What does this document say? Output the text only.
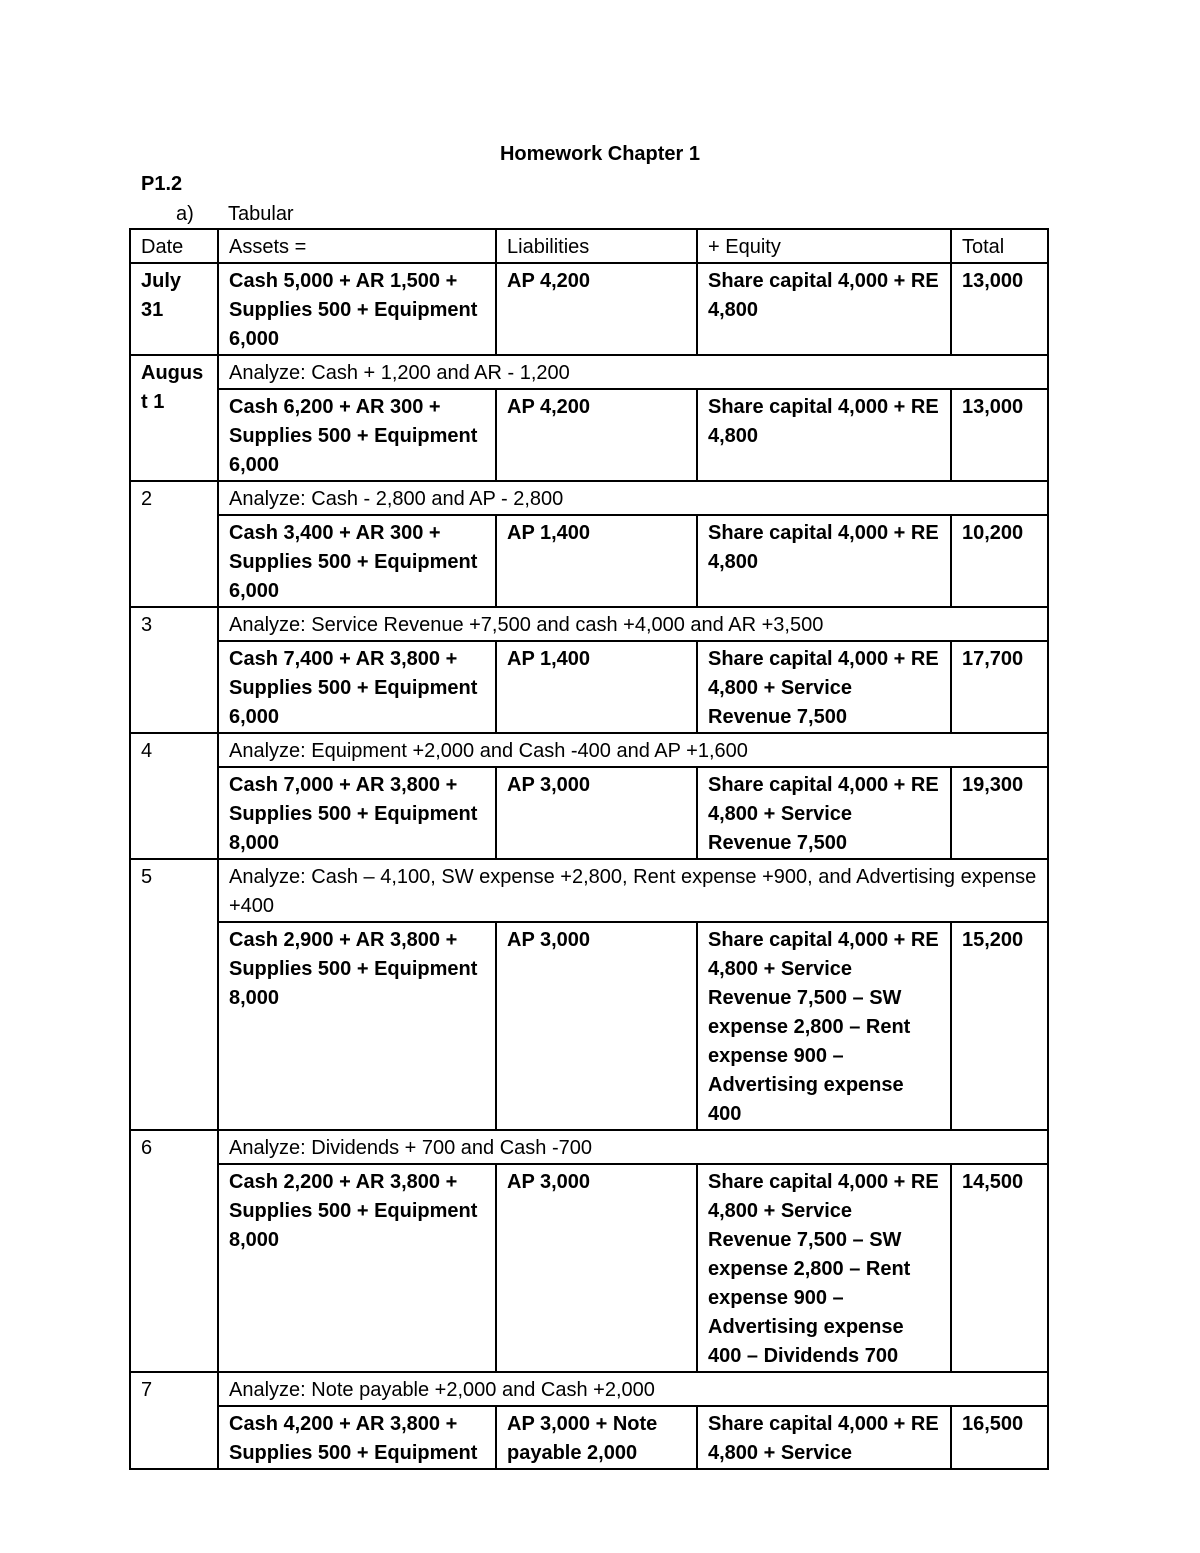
Homework Chapter 1
P1.2
a) Tabular
Date	Assets =	Liabilities	+ Equity	Total
July 31	Cash 5,000 + AR 1,500 + Supplies 500 + Equipment 6,000	AP 4,200	Share capital 4,000 + RE 4,800	13,000
August 1	Analyze: Cash + 1,200 and AR - 1,200			
	Cash 6,200 + AR 300 + Supplies 500 + Equipment 6,000	AP 4,200	Share capital 4,000 + RE 4,800	13,000
2	Analyze: Cash - 2,800 and AP - 2,800			
	Cash 3,400 + AR 300 + Supplies 500 + Equipment 6,000	AP 1,400	Share capital 4,000 + RE 4,800	10,200
3	Analyze: Service Revenue +7,500 and cash +4,000 and AR +3,500			
	Cash 7,400 + AR 3,800 + Supplies 500 + Equipment 6,000	AP 1,400	Share capital 4,000 + RE 4,800 + Service Revenue 7,500	17,700
4	Analyze: Equipment +2,000 and Cash -400 and AP +1,600			
	Cash 7,000 + AR 3,800 + Supplies 500 + Equipment 8,000	AP 3,000	Share capital 4,000 + RE 4,800 + Service Revenue 7,500	19,300
5	Analyze: Cash – 4,100, SW expense +2,800, Rent expense +900, and Advertising expense +400			
	Cash 2,900 + AR 3,800 + Supplies 500 + Equipment 8,000	AP 3,000	Share capital 4,000 + RE 4,800 + Service Revenue 7,500 – SW expense 2,800 – Rent expense 900 – Advertising expense 400	15,200
6	Analyze: Dividends + 700 and Cash -700			
	Cash 2,200 + AR 3,800 + Supplies 500 + Equipment 8,000	AP 3,000	Share capital 4,000 + RE 4,800 + Service Revenue 7,500 – SW expense 2,800 – Rent expense 900 – Advertising expense 400 – Dividends 700	14,500
7	Analyze: Note payable +2,000 and Cash +2,000			
	Cash 4,200 + AR 3,800 + Supplies 500 + Equipment	AP 3,000 + Note payable 2,000	Share capital 4,000 + RE 4,800 + Service	16,500
